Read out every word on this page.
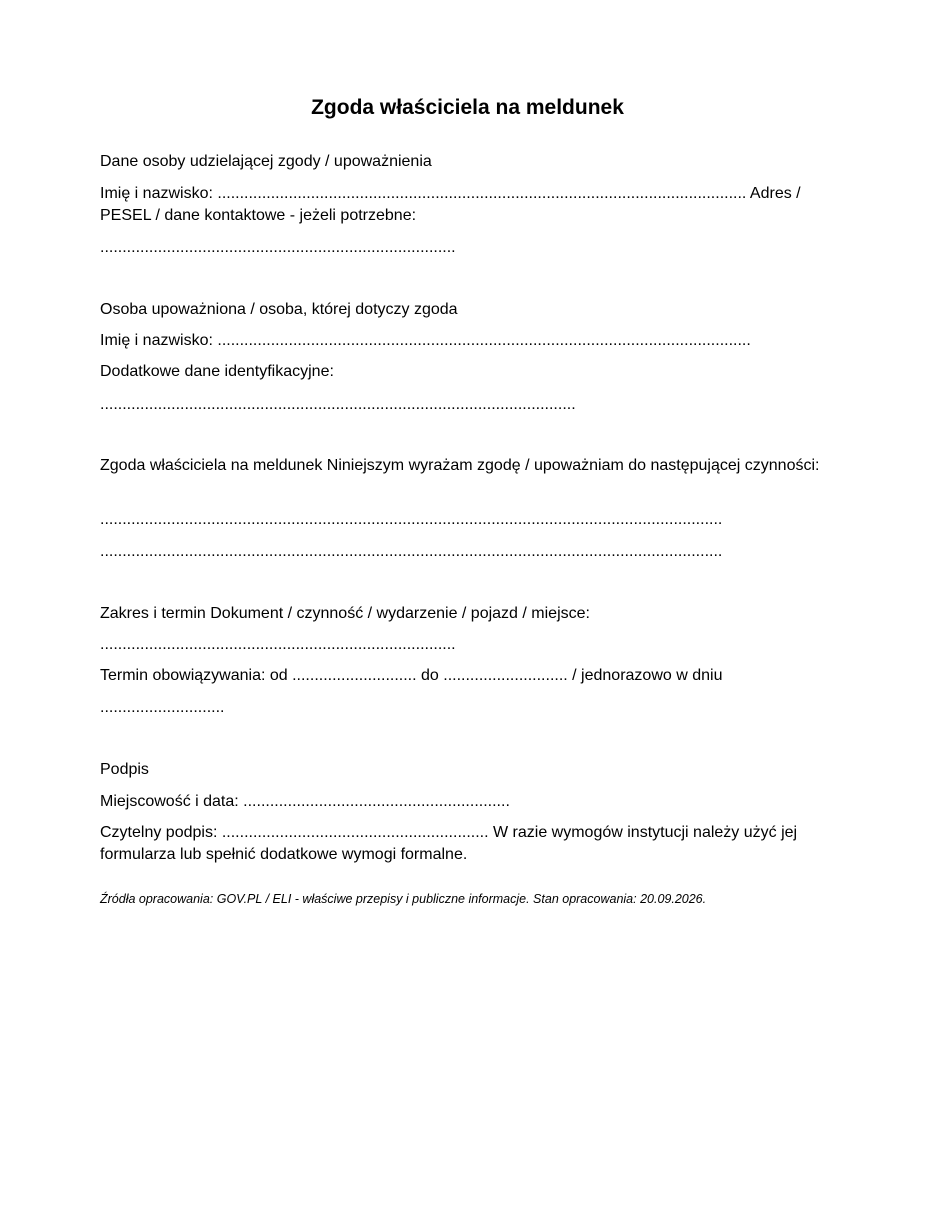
Zgoda właściciela na meldunek

Dane osoby udzielającej zgody / upoważnienia

Imię i nazwisko: ....................................................................................................................... Adres / PESEL / dane kontaktowe - jeżeli potrzebne:

................................................................................

Osoba upoważniona / osoba, której dotyczy zgoda

Imię i nazwisko: ........................................................................................................................

Dodatkowe dane identyfikacyjne:

...........................................................................................................

Zgoda właściciela na meldunek Niniejszym wyrażam zgodę / upoważniam do następującej czynności:

............................................................................................................................................

............................................................................................................................................

Zakres i termin Dokument / czynność / wydarzenie / pojazd / miejsce:

................................................................................

Termin obowiązywania: od ............................ do ............................ / jednorazowo w dniu

............................

Podpis

Miejscowość i data: ............................................................

Czytelny podpis: ............................................................ W razie wymogów instytucji należy użyć jej formularza lub spełnić dodatkowe wymogi formalne.

Źródła opracowania: GOV.PL / ELI - właściwe przepisy i publiczne informacje. Stan opracowania: 20.09.2026.
